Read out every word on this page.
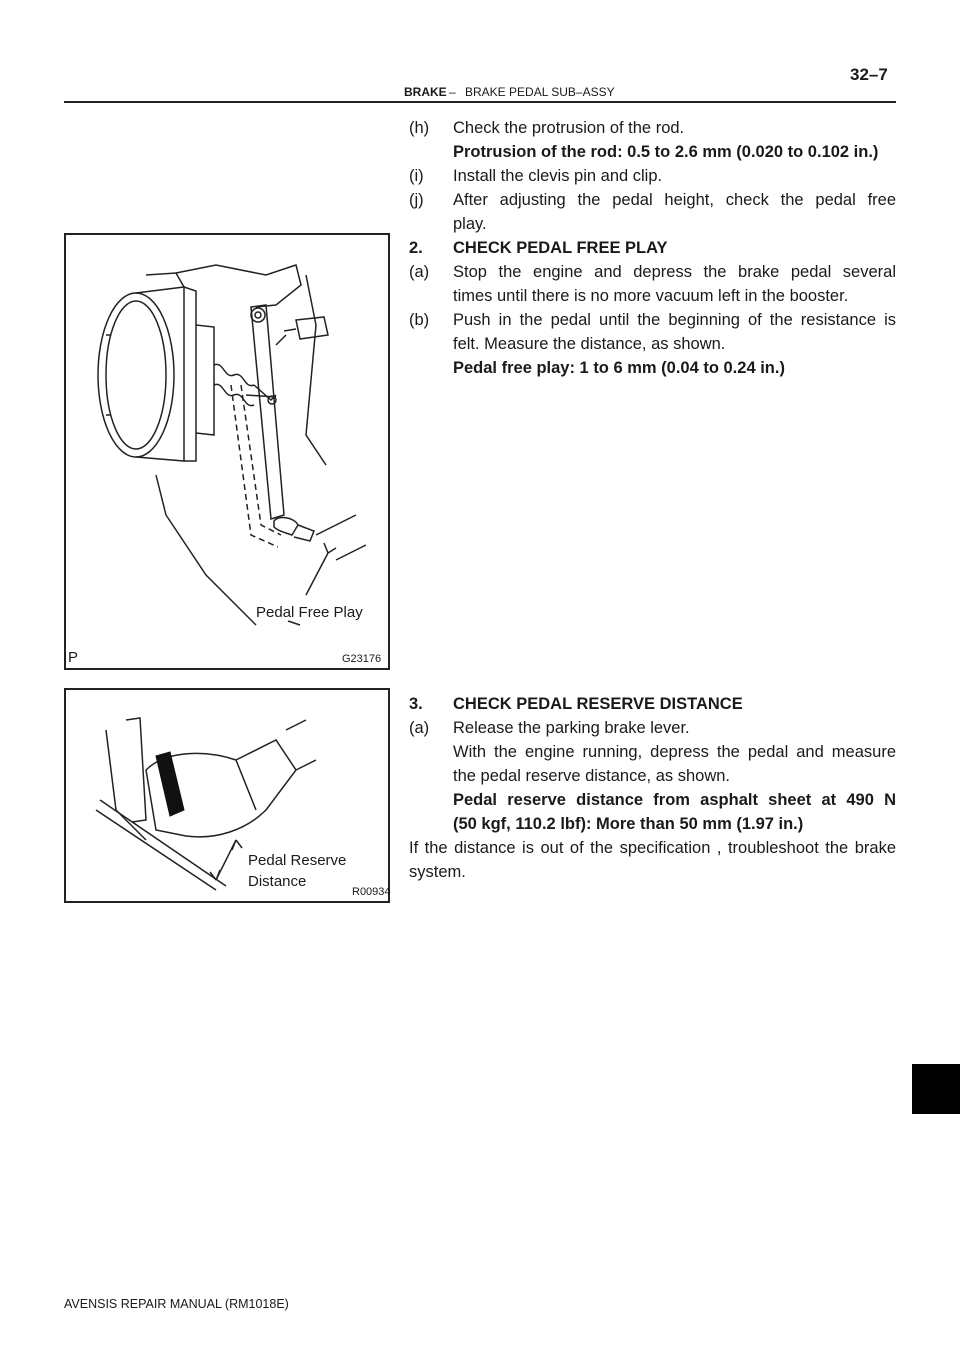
32–7
BRAKE – BRAKE PEDAL SUB–ASSY
Pedal Free Play
P	G23176
Pedal Reserve
Distance
R00934
(h) Check the protrusion of the rod.
Protrusion of the rod: 0.5 to 2.6 mm (0.020 to 0.102 in.)
(i) Install the clevis pin and clip.
(j) After adjusting the pedal height, check the pedal free
play.
2. CHECK PEDAL FREE PLAY
(a) Stop the engine and depress the brake pedal several
times until there is no more vacuum left in the booster.
(b) Push in the pedal until the beginning of the resistance is
felt. Measure the distance, as shown.
Pedal free play: 1 to 6 mm (0.04 to 0.24 in.)
3. CHECK PEDAL RESERVE DISTANCE
(a) Release the parking brake lever.
With the engine running, depress the pedal and measure
the pedal reserve distance, as shown.
Pedal reserve distance from asphalt sheet at 490 N
(50 kgf, 110.2 lbf): More than 50 mm (1.97 in.)
If the distance is out of the specification , troubleshoot the brake
system.
AVENSIS REPAIR MANUAL (RM1018E)
